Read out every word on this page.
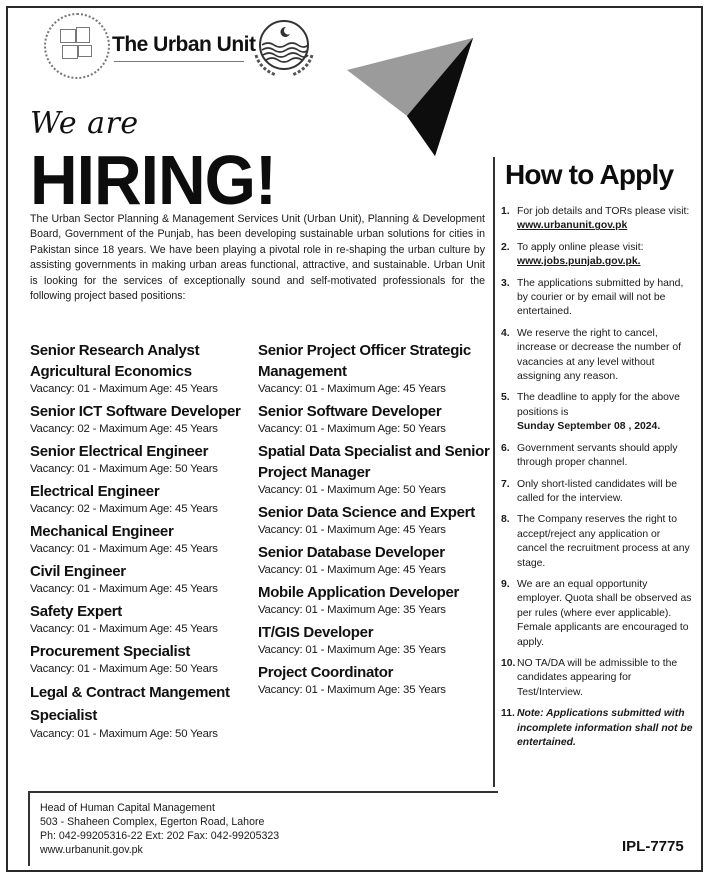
The Urban Unit
We are
HIRING!

The Urban Sector Planning & Management Services Unit (Urban Unit), Planning & Development Board, Government of the Punjab, has been developing sustainable urban solutions for cities in Pakistan since 18 years. We have been playing a pivotal role in re-shaping the urban culture by assisting governments in making urban areas functional, attractive, and sustainable. Urban Unit is looking for the services of exceptionally sound and self-motivated professionals for the following project based positions:

Senior Research Analyst Agricultural Economics
Vacancy: 01 - Maximum Age: 45 Years
Senior ICT Software Developer
Vacancy: 02 - Maximum Age: 45 Years
Senior Electrical Engineer
Vacancy: 01 - Maximum Age: 50 Years
Electrical Engineer
Vacancy: 02 - Maximum Age: 45 Years
Mechanical Engineer
Vacancy: 01 - Maximum Age: 45 Years
Civil Engineer
Vacancy: 01 - Maximum Age: 45 Years
Safety Expert
Vacancy: 01 - Maximum Age: 45 Years
Procurement Specialist
Vacancy: 01 - Maximum Age: 50 Years
Legal & Contract Mangement Specialist
Vacancy: 01 - Maximum Age: 50 Years
Senior Project Officer Strategic Management
Vacancy: 01 - Maximum Age: 45 Years
Senior Software Developer
Vacancy: 01 - Maximum Age: 50 Years
Spatial Data Specialist and Senior Project Manager
Vacancy: 01 - Maximum Age: 50 Years
Senior Data Science and Expert
Vacancy: 01 - Maximum Age: 45 Years
Senior Database Developer
Vacancy: 01 - Maximum Age: 45 Years
Mobile Application Developer
Vacancy: 01 - Maximum Age: 35 Years
IT/GIS Developer
Vacancy: 01 - Maximum Age: 35 Years
Project Coordinator
Vacancy: 01 - Maximum Age: 35 Years
How to Apply
1. For job details and TORs please visit:
www.urbanunit.gov.pk
2. To apply online please visit:
www.jobs.punjab.gov.pk.
3. The applications submitted by hand, by courier or by email will not be entertained.
4. We reserve the right to cancel, increase or decrease the number of vacancies at any level without assigning any reason.
5. The deadline to apply for the above positions is
Sunday September 08 , 2024.
6. Government servants should apply through proper channel.
7. Only short-listed candidates will be called for the interview.
8. The Company reserves the right to accept/reject any application or cancel the recruitment process at any stage.
9. We are an equal opportunity employer. Quota shall be observed as per rules (where ever applicable). Female applicants are encouraged to apply.
10. NO TA/DA will be admissible to the candidates appearing for Test/Interview.
11. Note: Applications submitted with incomplete information shall not be entertained.
Head of Human Capital Management
503 - Shaheen Complex, Egerton Road, Lahore
Ph: 042-99205316-22 Ext: 202 Fax: 042-99205323
www.urbanunit.gov.pk	IPL-7775
